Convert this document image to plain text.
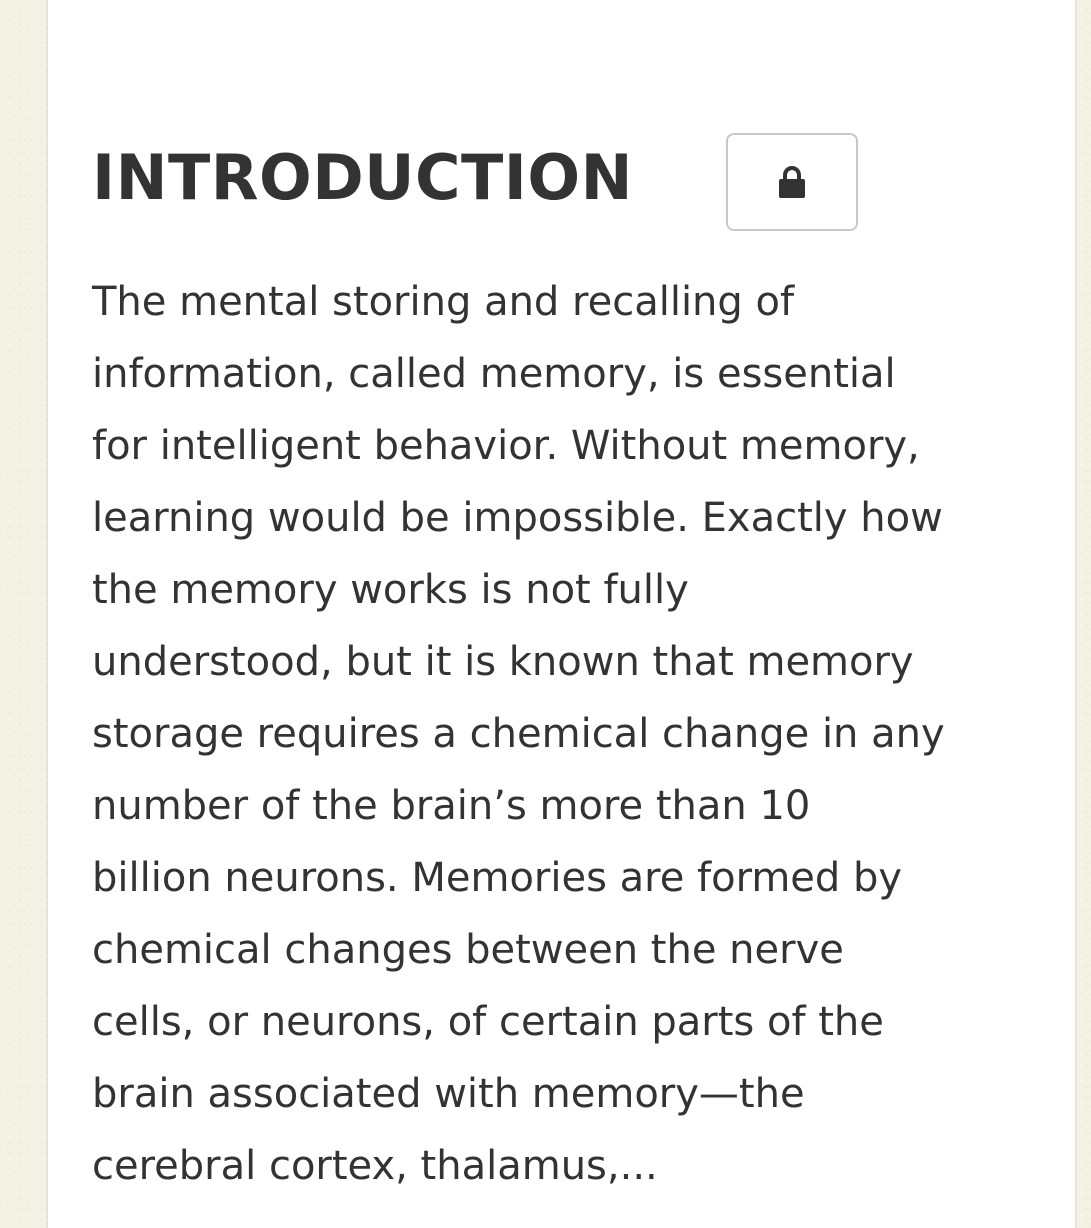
INTRODUCTION

The mental storing and recalling of
information, called memory, is essential
for intelligent behavior. Without memory,
learning would be impossible. Exactly how
the memory works is not fully
understood, but it is known that memory
storage requires a chemical change in any
number of the brain’s more than 10
billion neurons. Memories are formed by
chemical changes between the nerve
cells, or neurons, of certain parts of the
brain associated with memory—the
cerebral cortex, thalamus,...
